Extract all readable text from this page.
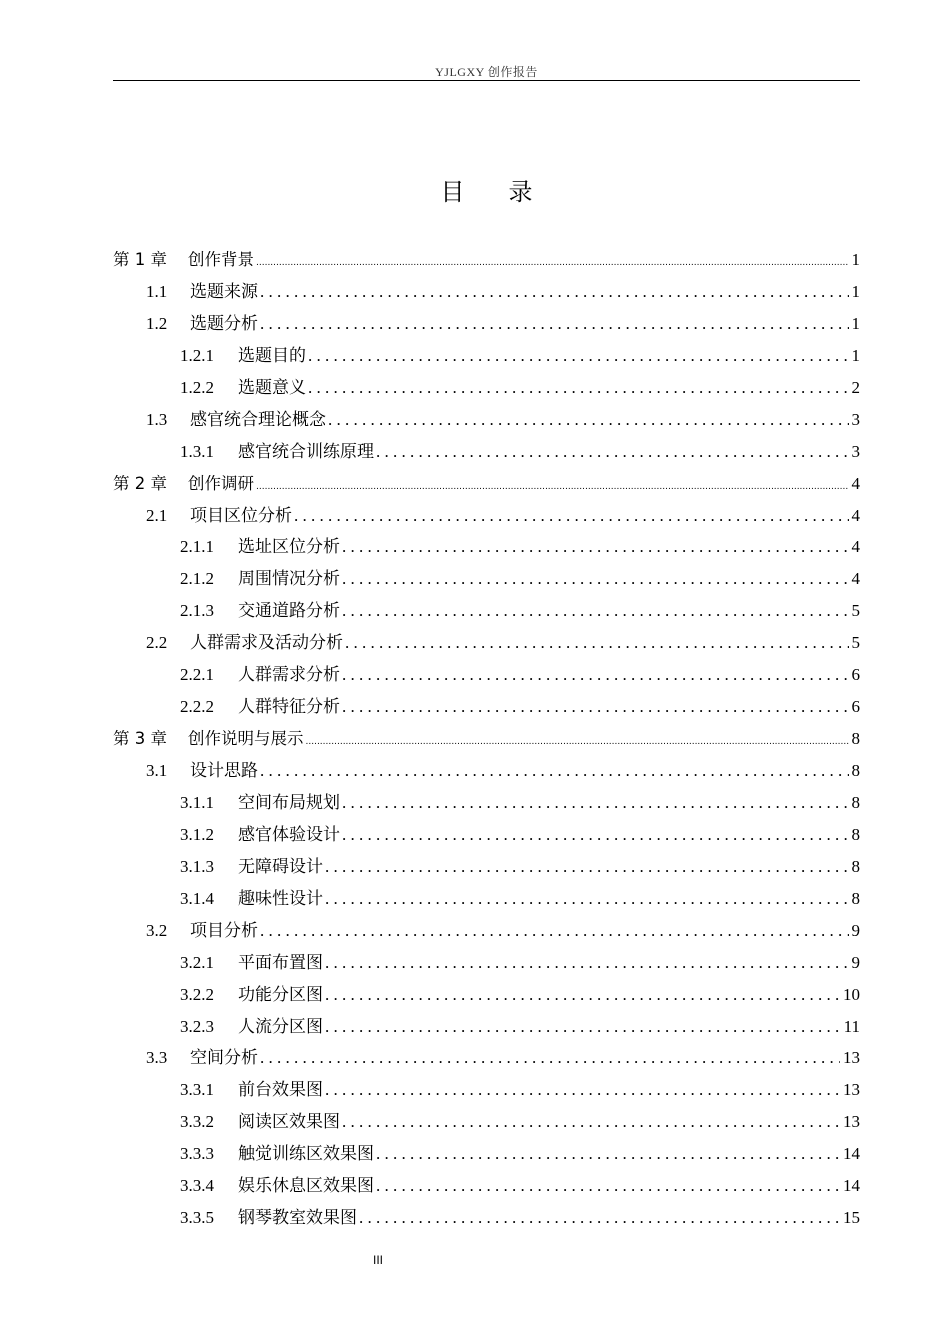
YJLGXY 创作报告
目录
第 1 章	创作背景 .....	1
1.1	选题来源 . . .	1
1.2	选题分析 . . .	1
1.2.1	选题目的 . . .	1
1.2.2	选题意义 . . .	2
1.3	感官统合理论概念 . . .	3
1.3.1	感官统合训练原理 . . .	3
第 2 章	创作调研 .....	4
2.1	项目区位分析 . . .	4
2.1.1	选址区位分析 . . .	4
2.1.2	周围情况分析 . . .	4
2.1.3	交通道路分析 . . .	5
2.2	人群需求及活动分析 . . .	5
2.2.1	人群需求分析 . . .	6
2.2.2	人群特征分析 . . .	6
第 3 章	创作说明与展示 .....	8
3.1	设计思路 . . .	8
3.1.1	空间布局规划 . . .	8
3.1.2	感官体验设计 . . .	8
3.1.3	无障碍设计 . . .	8
3.1.4	趣味性设计 . . .	8
3.2	项目分析 . . .	9
3.2.1	平面布置图 . . .	9
3.2.2	功能分区图 . . .	10
3.2.3	人流分区图 . . .	11
3.3	空间分析 . . .	13
3.3.1	前台效果图 . . .	13
3.3.2	阅读区效果图 . . .	13
3.3.3	触觉训练区效果图 . . .	14
3.3.4	娱乐休息区效果图 . . .	14
3.3.5	钢琴教室效果图 . . .	15
III
